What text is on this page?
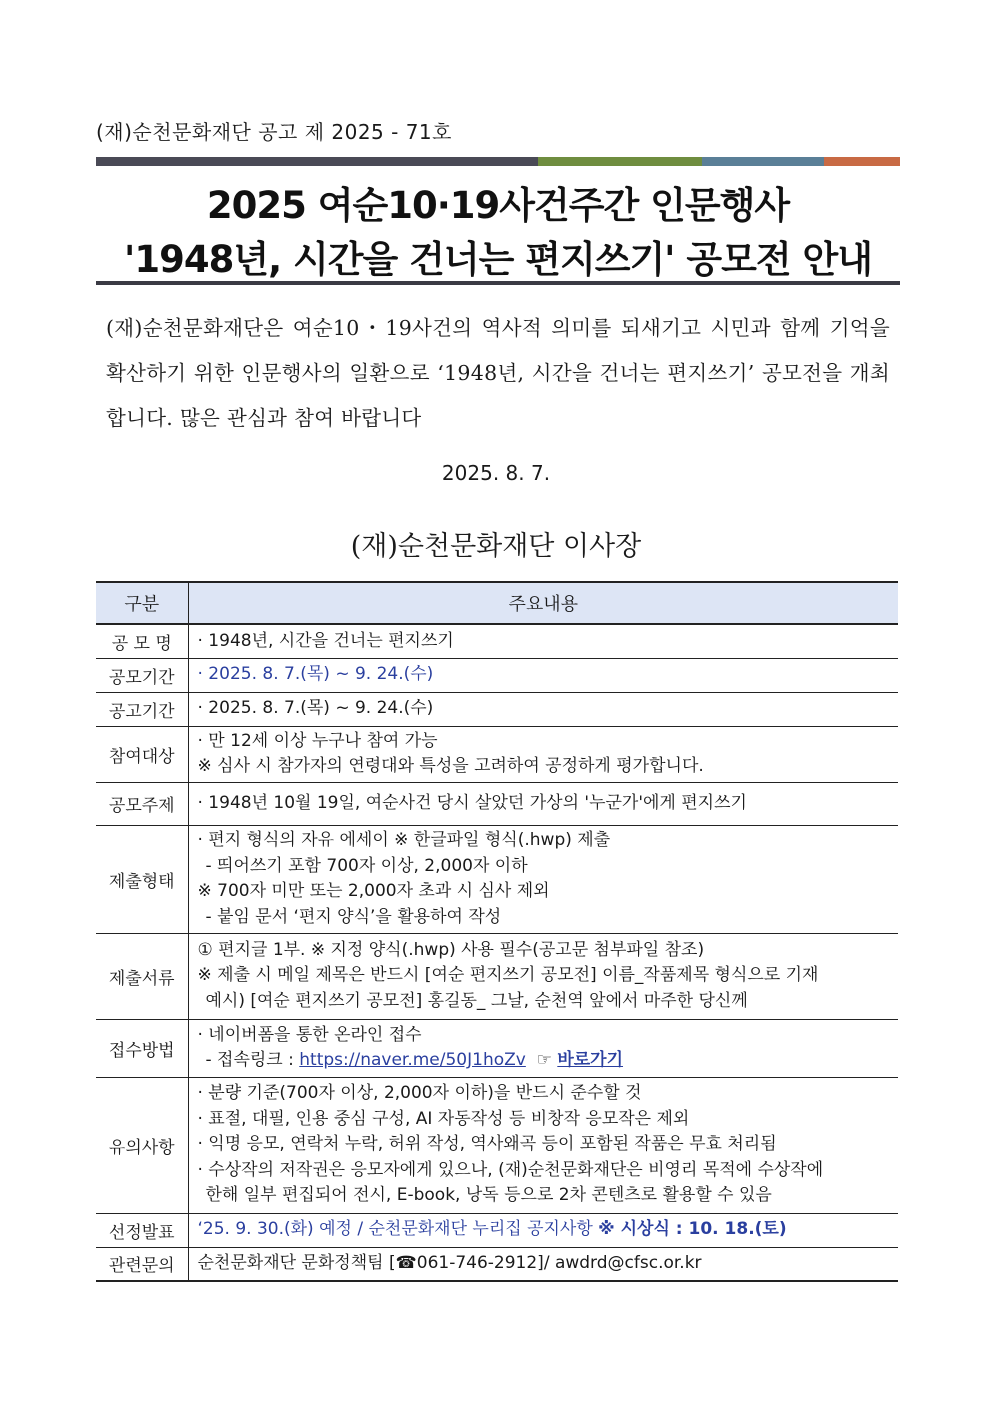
(재)순천문화재단 공고 제 2025 - 71호
2025 여순10·19사건주간 인문행사
'1948년, 시간을 건너는 편지쓰기' 공모전 안내
(재)순천문화재단은 여순10・19사건의 역사적 의미를 되새기고 시민과 함께 기억을 확산하기 위한 인문행사의 일환으로 ‘1948년, 시간을 건너는 편지쓰기’ 공모전을 개최합니다. 많은 관심과 참여 바랍니다
2025. 8. 7.
(재)순천문화재단 이사장
구분	주요내용
공 모 명	· 1948년, 시간을 건너는 편지쓰기
공모기간	· 2025. 8. 7.(목) ~ 9. 24.(수)
공고기간	· 2025. 8. 7.(목) ~ 9. 24.(수)
참여대상	· 만 12세 이상 누구나 참여 가능
※ 심사 시 참가자의 연령대와 특성을 고려하여 공정하게 평가합니다.

공모주제	· 1948년 10월 19일, 여순사건 당시 살았던 가상의 '누군가'에게 편지쓰기
제출형태	· 편지 형식의 자유 에세이 ※ 한글파일 형식(.hwp) 제출
- 띄어쓰기 포함 700자 이상, 2,000자 이하
※ 700자 미만 또는 2,000자 초과 시 심사 제외
- 붙임 문서 ‘편지 양식’을 활용하여 작성

제출서류	① 편지글 1부. ※ 지정 양식(.hwp) 사용 필수(공고문 첨부파일 참조)
※ 제출 시 메일 제목은 반드시 [여순 편지쓰기 공모전] 이름_작품제목 형식으로 기재
예시) [여순 편지쓰기 공모전] 홍길동_ 그날, 순천역 앞에서 마주한 당신께

접수방법	· 네이버폼을 통한 온라인 접수
- 접속링크 : https://naver.me/50J1hoZv ☞ 바로가기

유의사항	· 분량 기준(700자 이상, 2,000자 이하)을 반드시 준수할 것
· 표절, 대필, 인용 중심 구성, AI 자동작성 등 비창작 응모작은 제외
· 익명 응모, 연락처 누락, 허위 작성, 역사왜곡 등이 포함된 작품은 무효 처리됨
· 수상작의 저작권은 응모자에게 있으나, (재)순천문화재단은 비영리 목적에 수상작에
한해 일부 편집되어 전시, E-book, 낭독 등으로 2차 콘텐츠로 활용할 수 있음

선정발표	‘25. 9. 30.(화) 예정 / 순천문화재단 누리집 공지사항 ※ 시상식 : 10. 18.(토)
관련문의	순천문화재단 문화정책팀 [☎061-746-2912]/ awdrd@cfsc.or.kr
